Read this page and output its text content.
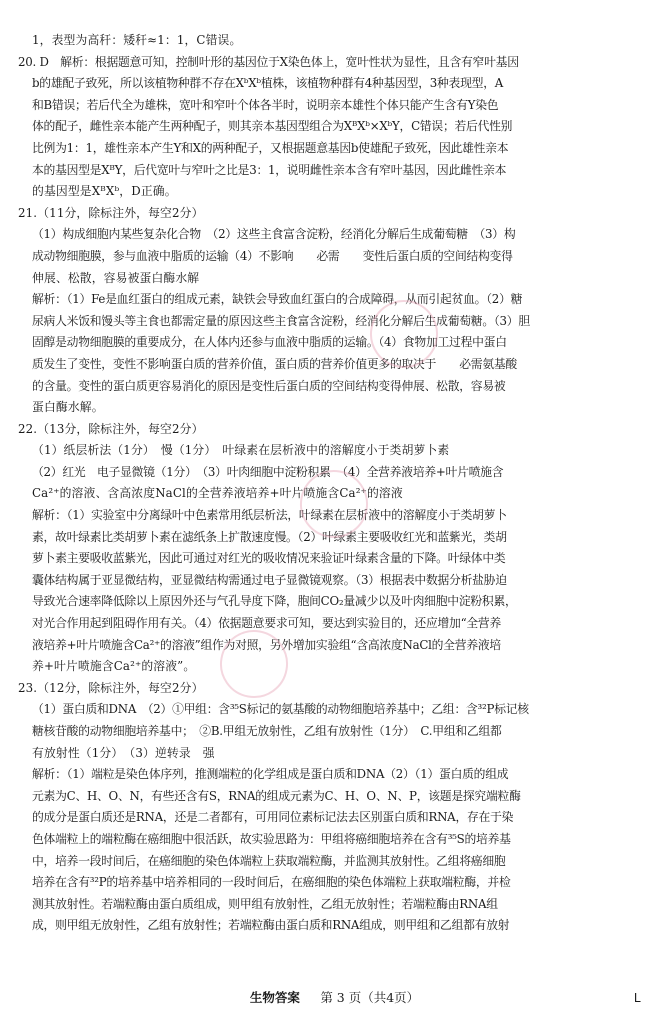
1，表型为高秆：矮秆≈1：1，C错误。
20. D　解析：根据题意可知，控制叶形的基因位于X染色体上，宽叶性状为显性，且含有窄叶基因
b的雄配子致死，所以该植物种群不存在XᵇXᵇ植株，该植物种群有4种基因型，3种表现型，A
和B错误；若后代全为雄株，宽叶和窄叶个体各半时，说明亲本雄性个体只能产生含有Y染色
体的配子，雌性亲本能产生两种配子，则其亲本基因型组合为XᴮXᵇ×XᵇY，C错误；若后代性别
比例为1：1，雄性亲本产生Y和X的两种配子，又根据题意基因b使雄配子致死，因此雄性亲本
本的基因型是XᴮY，后代宽叶与窄叶之比是3：1，说明雌性亲本含有窄叶基因，因此雌性亲本
的基因型是XᴮXᵇ，D正确。
21.（11分，除标注外，每空2分）
（1）构成细胞内某些复杂化合物　（2）这些主食富含淀粉，经消化分解后生成葡萄糖　（3）构
成动物细胞膜，参与血液中脂质的运输（4）不影响　　必需　　变性后蛋白质的空间结构变得
伸展、松散，容易被蛋白酶水解
解析：（1）Fe是血红蛋白的组成元素，缺铁会导致血红蛋白的合成障碍，从而引起贫血。（2）糖
尿病人米饭和馒头等主食也都需定量的原因这些主食富含淀粉，经消化分解后生成葡萄糖。（3）胆
固醇是动物细胞膜的重要成分，在人体内还参与血液中脂质的运输。（4）食物加工过程中蛋白
质发生了变性，变性不影响蛋白质的营养价值，蛋白质的营养价值更多的取决于　　必需氨基酸
的含量。变性的蛋白质更容易消化的原因是变性后蛋白质的空间结构变得伸展、松散，容易被
蛋白酶水解。
22.（13分，除标注外，每空2分）
（1）纸层析法（1分）　慢（1分）　叶绿素在层析液中的溶解度小于类胡萝卜素
（2）红光　电子显微镜（1分）　（3）叶肉细胞中淀粉积累　（4）全营养液培养+叶片喷施含
Ca²⁺的溶液、含高浓度NaCl的全营养液培养+叶片喷施含Ca²⁺的溶液
解析：（1）实验室中分离绿叶中色素常用纸层析法，叶绿素在层析液中的溶解度小于类胡萝卜
素，故叶绿素比类胡萝卜素在滤纸条上扩散速度慢。（2）叶绿素主要吸收红光和蓝紫光，类胡
萝卜素主要吸收蓝紫光，因此可通过对红光的吸收情况来验证叶绿素含量的下降。叶绿体中类
囊体结构属于亚显微结构，亚显微结构需通过电子显微镜观察。（3）根据表中数据分析盐胁迫
导致光合速率降低除以上原因外还与气孔导度下降，胞间CO₂量减少以及叶肉细胞中淀粉积累，
对光合作用起到阻碍作用有关。（4）依据题意要求可知，要达到实验目的，还应增加“全营养
液培养+叶片喷施含Ca²⁺的溶液”组作为对照，另外增加实验组“含高浓度NaCl的全营养液培
养+叶片喷施含Ca²⁺的溶液”。
23.（12分，除标注外，每空2分）
（1）蛋白质和DNA　（2）①甲组：含³⁵S标记的氨基酸的动物细胞培养基中；乙组：含³²P标记核
糖核苷酸的动物细胞培养基中；　②B.甲组无放射性，乙组有放射性（1分）　C.甲组和乙组都
有放射性（1分）　（3）逆转录　强
解析：（1）端粒是染色体序列，推测端粒的化学组成是蛋白质和DNA（2）（1）蛋白质的组成
元素为C、H、O、N，有些还含有S，RNA的组成元素为C、H、O、N、P，该题是探究端粒酶
的成分是蛋白质还是RNA，还是二者都有，可用同位素标记法去区别蛋白质和RNA，存在于染
色体端粒上的端粒酶在癌细胞中很活跃，故实验思路为：甲组将癌细胞培养在含有³⁵S的培养基
中，培养一段时间后，在癌细胞的染色体端粒上获取端粒酶，并监测其放射性。乙组将癌细胞
培养在含有³²P的培养基中培养相同的一段时间后，在癌细胞的染色体端粒上获取端粒酶，并检
测其放射性。若端粒酶由蛋白质组成，则甲组有放射性，乙组无放射性；若端粒酶由RNA组
成，则甲组无放射性，乙组有放射性；若端粒酶由蛋白质和RNA组成，则甲组和乙组都有放射
生物答案 　 第 3 页（共4页）	L
